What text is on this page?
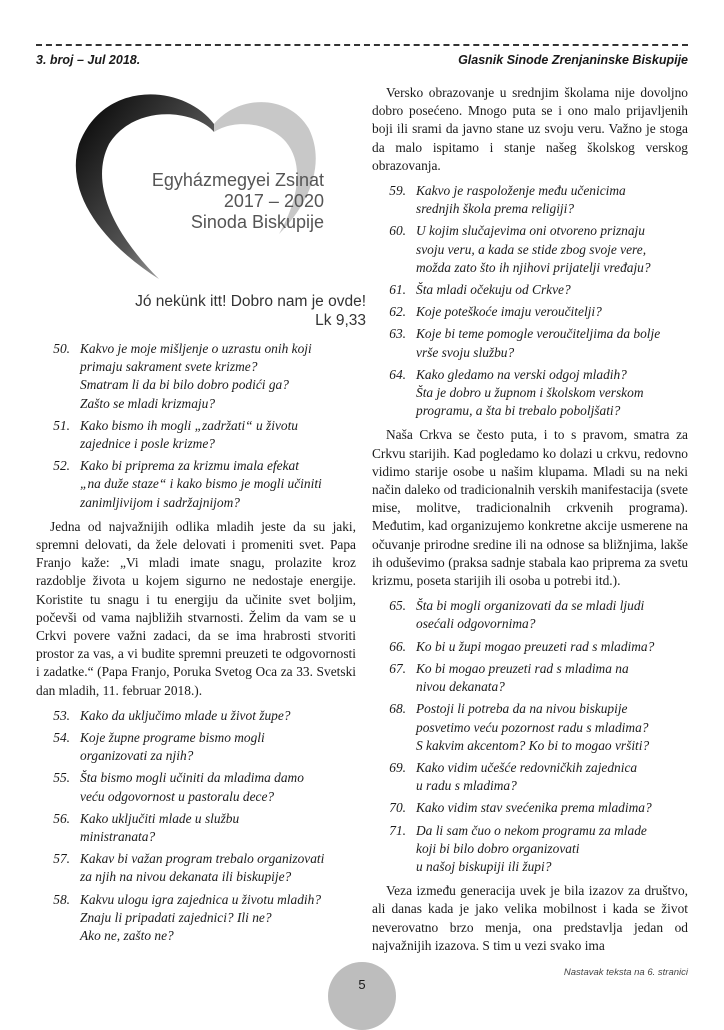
3. broj – Jul 2018.	Glasnik Sinode Zrenjaninske Biskupije
Egyházmegyei Zsinat
2017 – 2020
Sinoda Biskupije
Jó nekünk itt! Dobro nam je ovde!
Lk 9,33
50. Kakvo je moje mišljenje o uzrastu onih koji
primaju sakrament svete krizme?
Smatram li da bi bilo dobro podići ga?
Zašto se mladi krizmaju?
51. Kako bismo ih mogli „zadržati“ u životu
zajednice i posle krizme?
52. Kako bi priprema za krizmu imala efekat
„na duže staze“ i kako bismo je mogli učiniti
zanimljivijom i sadržajnijom?

Jedna od najvažnijih odlika mladih jeste da su jaki, spremni delovati, da žele delovati i promeniti svet. Papa Franjo kaže: „Vi mladi imate snagu, prolazite kroz razdoblje života u kojem sigurno ne nedostaje energije. Koristite tu snagu i tu energiju da učinite svet boljim, počevši od vama najbližih stvarnosti. Želim da vam se u Crkvi povere važni zadaci, da se ima hrabrosti stvoriti prostor za vas, a vi budite spremni preuzeti te odgovornosti i zadatke.“ (Papa Franjo, Poruka Svetog Oca za 33. Svetski dan mladih, 11. februar 2018.).

53. Kako da uključimo mlade u život župe?
54. Koje župne programe bismo mogli
organizovati za njih?
55. Šta bismo mogli učiniti da mladima damo
veću odgovornost u pastoralu dece?
56. Kako uključiti mlade u službu
ministranata?
57. Kakav bi važan program trebalo organizovati
za njih na nivou dekanata ili biskupije?
58. Kakvu ulogu igra zajednica u životu mladih?
Znaju li pripadati zajednici? Ili ne?
Ako ne, zašto ne?

Versko obrazovanje u srednjim školama nije dovoljno dobro posećeno. Mnogo puta se i ono malo prijavljenih boji ili srami da javno stane uz svoju veru. Važno je stoga da malo ispitamo i stanje našeg školskog verskog obrazovanja.

59. Kakvo je raspoloženje među učenicima
srednjih škola prema religiji?
60. U kojim slučajevima oni otvoreno priznaju
svoju veru, a kada se stide zbog svoje vere,
možda zato što ih njihovi prijatelji vređaju?
61. Šta mladi očekuju od Crkve?
62. Koje poteškoće imaju veroučitelji?
63. Koje bi teme pomogle veroučiteljima da bolje
vrše svoju službu?
64. Kako gledamo na verski odgoj mladih?
Šta je dobro u župnom i školskom verskom
programu, a šta bi trebalo poboljšati?

Naša Crkva se često puta, i to s pravom, smatra za Crkvu starijih. Kad pogledamo ko dolazi u crkvu, redovno vidimo starije osobe u našim klupama. Mladi su na neki način daleko od tradicionalnih verskih manifestacija (svete mise, molitve, tradicionalnih crkvenih programa). Međutim, kad organizujemo konkretne akcije usmerene na očuvanje prirodne sredine ili na odnose sa bližnjima, lakše ih oduševimo (praksa sadnje stabala kao priprema za svetu krizmu, poseta starijih ili osoba u potrebi itd.).

65. Šta bi mogli organizovati da se mladi ljudi
osećali odgovornima?
66. Ko bi u župi mogao preuzeti rad s mladima?
67. Ko bi mogao preuzeti rad s mladima na
nivou dekanata?
68. Postoji li potreba da na nivou biskupije
posvetimo veću pozornost radu s mladima?
S kakvim akcentom? Ko bi to mogao vršiti?
69. Kako vidim učešće redovničkih zajednica
u radu s mladima?
70. Kako vidim stav svećenika prema mladima?
71. Da li sam čuo o nekom programu za mlade
koji bi bilo dobro organizovati
u našoj biskupiji ili župi?

Veza između generacija uvek je bila izazov za društvo, ali danas kada je jako velika mobilnost i kada se život neverovatno brzo menja, ona predstavlja jedan od najvažnijih izazova. S tim u vezi svako ima

Nastavak teksta na 6. stranici
5
